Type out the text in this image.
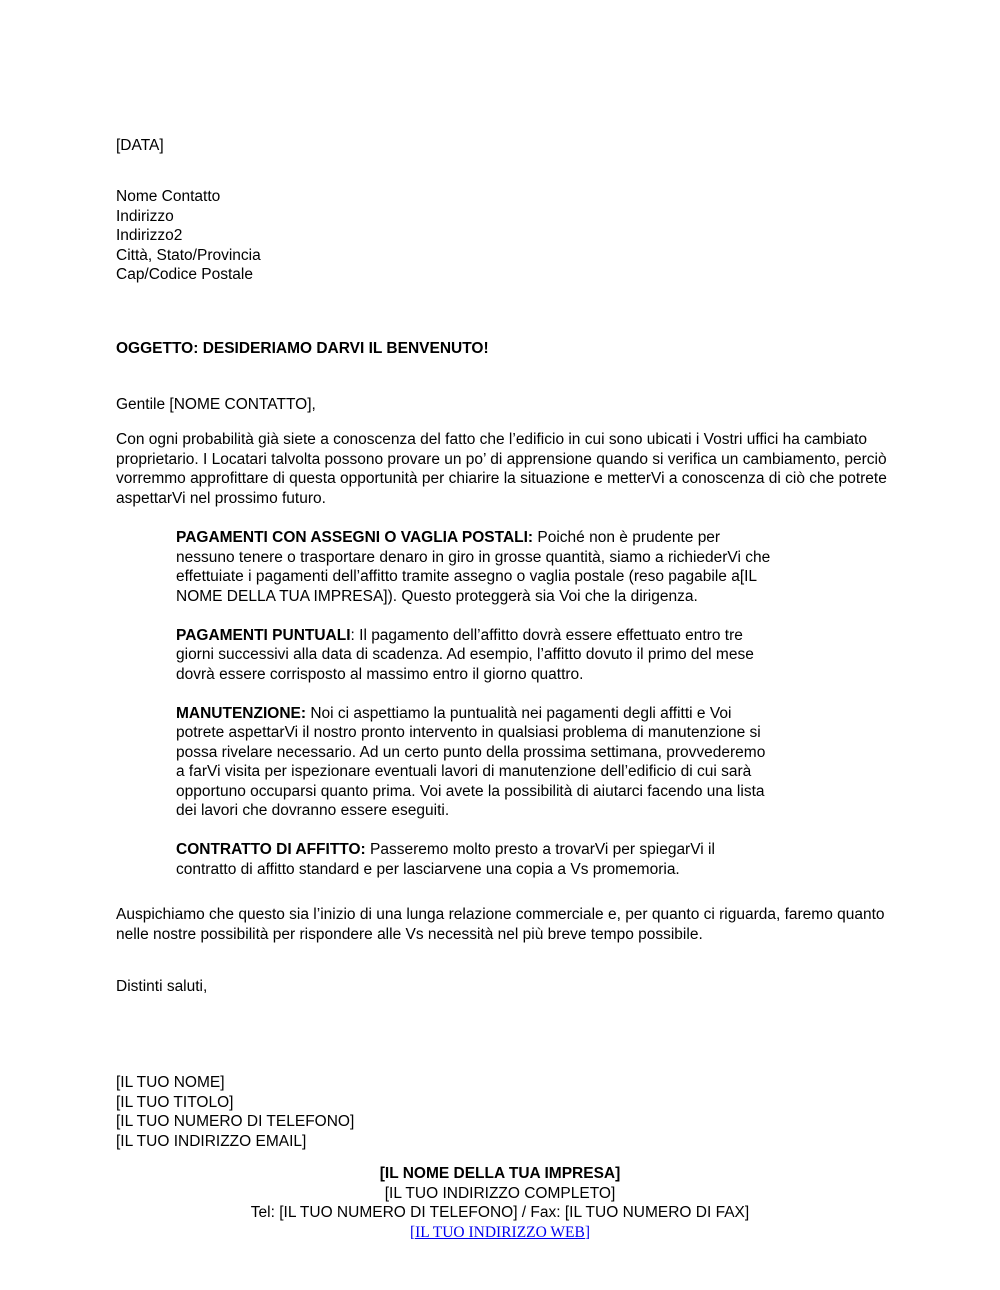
[DATA]
Nome Contatto
Indirizzo
Indirizzo2
Città, Stato/Provincia
Cap/Codice Postale
OGGETTO: DESIDERIAMO DARVI IL BENVENUTO!
Gentile [NOME CONTATTO],
Con ogni probabilità già siete a conoscenza del fatto che l’edificio in cui sono ubicati i Vostri uffici ha cambiato proprietario. I Locatari talvolta possono provare un po’ di apprensione quando si verifica un cambiamento, perciò vorremmo approfittare di questa opportunità per chiarire la situazione e metterVi a conoscenza di ciò che potrete aspettarVi nel prossimo futuro.
PAGAMENTI CON ASSEGNI O VAGLIA POSTALI: Poiché non è prudente per nessuno tenere o trasportare denaro in giro in grosse quantità, siamo a richiederVi che effettuiate i pagamenti dell’affitto tramite assegno o vaglia postale (reso pagabile a[IL NOME DELLA TUA IMPRESA]). Questo proteggerà sia Voi che la dirigenza.
PAGAMENTI PUNTUALI: Il pagamento dell’affitto dovrà essere effettuato entro tre giorni successivi alla data di scadenza. Ad esempio, l’affitto dovuto il primo del mese dovrà essere corrisposto al massimo entro il giorno quattro.
MANUTENZIONE: Noi ci aspettiamo la puntualità nei pagamenti degli affitti e Voi potrete aspettarVi il nostro pronto intervento in qualsiasi problema di manutenzione si possa rivelare necessario. Ad un certo punto della prossima settimana, provvederemo a farVi visita per ispezionare eventuali lavori di manutenzione dell’edificio di cui sarà opportuno occuparsi quanto prima. Voi avete la possibilità di aiutarci facendo una lista dei lavori che dovranno essere eseguiti.
CONTRATTO DI AFFITTO: Passeremo molto presto a trovarVi per spiegarVi il contratto di affitto standard e per lasciarvene una copia a Vs promemoria.
Auspichiamo che questo sia l’inizio di una lunga relazione commerciale e, per quanto ci riguarda, faremo quanto nelle nostre possibilità per rispondere alle Vs necessità nel più breve tempo possibile.
Distinti saluti,
[IL TUO NOME]
[IL TUO TITOLO]
[IL TUO NUMERO DI TELEFONO]
[IL TUO INDIRIZZO EMAIL]
[IL NOME DELLA TUA IMPRESA]
[IL TUO INDIRIZZO COMPLETO]
Tel: [IL TUO NUMERO DI TELEFONO] / Fax: [IL TUO NUMERO DI FAX]
[IL TUO INDIRIZZO WEB]
